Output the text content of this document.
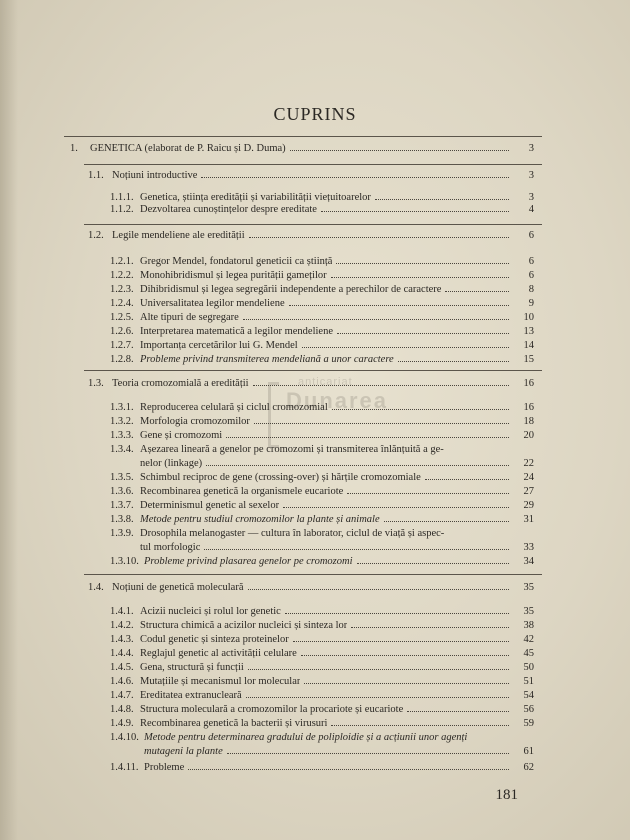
CUPRINS
anticariat
Dunarea
1.	GENETICA (elaborat de P. Raicu și D. Duma)	3
1.1. Noțiuni introductive	3
1.1.1. Genetica, știința eredității și variabilității viețuitoarelor	3
1.1.2. Dezvoltarea cunoștințelor despre ereditate	4
1.2. Legile mendeliene ale eredității	6
1.2.1. Gregor Mendel, fondatorul geneticii ca știință	6
1.2.2. Monohibridismul și legea purității gameților	6
1.2.3. Dihibridismul și legea segregării independente a perechilor de caractere	8
1.2.4. Universalitatea legilor mendeliene	9
1.2.5. Alte tipuri de segregare	10
1.2.6. Interpretarea matematică a legilor mendeliene	13
1.2.7. Importanța cercetărilor lui G. Mendel	14
1.2.8. Probleme privind transmiterea mendeliană a unor caractere	15
1.3. Teoria cromozomială a eredității	16
1.3.1. Reproducerea celulară și ciclul cromozomial	16
1.3.2. Morfologia cromozomilor	18
1.3.3. Gene și cromozomi	20
1.3.4. Așezarea lineară a genelor pe cromozomi și transmiterea înlănțuită a ge-
nelor (linkage)	22
1.3.5. Schimbul reciproc de gene (crossing-over) și hărțile cromozomiale	24
1.3.6. Recombinarea genetică la organismele eucariote	27
1.3.7. Determinismul genetic al sexelor	29
1.3.8. Metode pentru studiul cromozomilor la plante și animale	31
1.3.9. Drosophila melanogaster — cultura în laborator, ciclul de viață și aspec-
tul morfologic	33
1.3.10. Probleme privind plasarea genelor pe cromozomi	34
1.4. Noțiuni de genetică moleculară	35
1.4.1. Acizii nucleici și rolul lor genetic	35
1.4.2. Structura chimică a acizilor nucleici și sinteza lor	38
1.4.3. Codul genetic și sinteza proteinelor	42
1.4.4. Reglajul genetic al activității celulare	45
1.4.5. Gena, structură și funcții	50
1.4.6. Mutațiile și mecanismul lor molecular	51
1.4.7. Ereditatea extranucleară	54
1.4.8. Structura moleculară a cromozomilor la procariote și eucariote	56
1.4.9. Recombinarea genetică la bacterii și virusuri	59
1.4.10. Metode pentru determinarea gradului de poliploidie și a acțiunii unor agenți
mutageni la plante	61
1.4.11. Probleme	62
181
